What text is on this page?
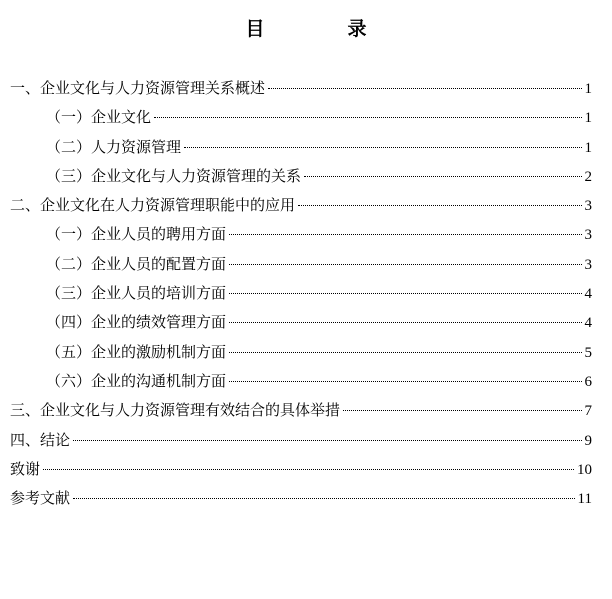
目　录
一、企业文化与人力资源管理关系概述	1
（一）企业文化	1
（二）人力资源管理	1
（三）企业文化与人力资源管理的关系	2
二、企业文化在人力资源管理职能中的应用	3
（一）企业人员的聘用方面	3
（二）企业人员的配置方面	3
（三）企业人员的培训方面	4
（四）企业的绩效管理方面	4
（五）企业的激励机制方面	5
（六）企业的沟通机制方面	6
三、企业文化与人力资源管理有效结合的具体举措	7
四、结论	9
致谢	10
参考文献	11
